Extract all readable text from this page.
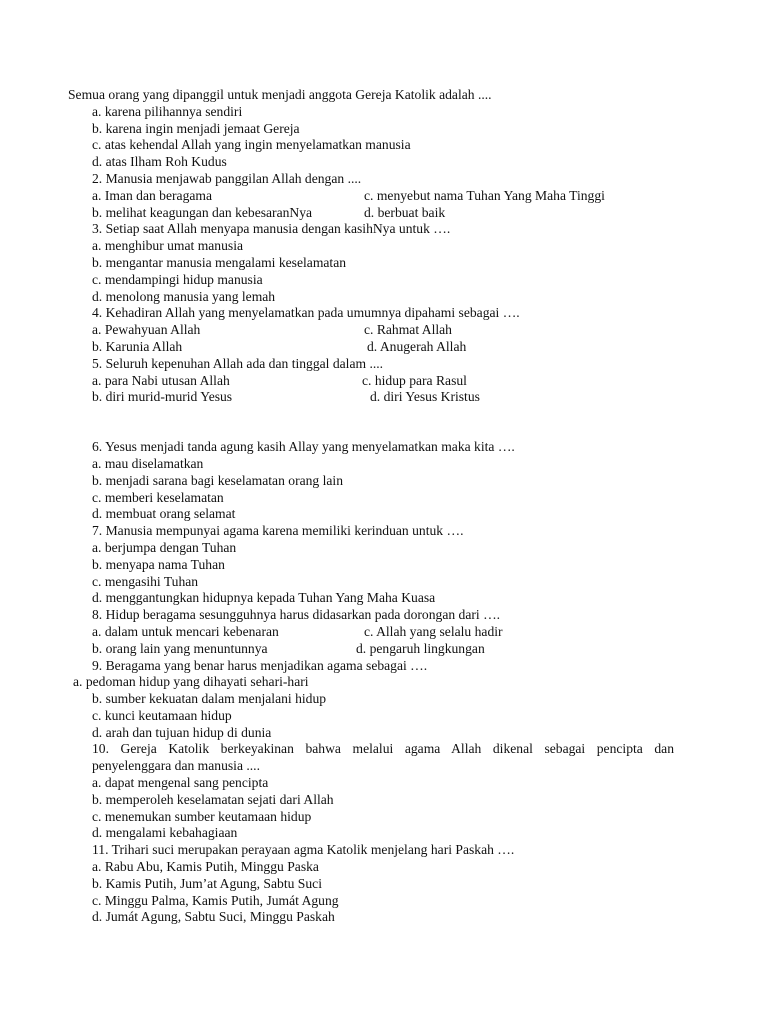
Semua orang yang dipanggil untuk menjadi anggota Gereja Katolik adalah ....
a. karena pilihannya sendiri
b. karena ingin menjadi jemaat Gereja
c. atas kehendal Allah yang ingin menyelamatkan manusia
d. atas Ilham Roh Kudus
2. Manusia menjawab panggilan Allah dengan ....
a. Iman dan beragama	c. menyebut nama Tuhan Yang Maha Tinggi
b. melihat keagungan dan kebesaranNya	d. berbuat baik
3. Setiap saat Allah menyapa manusia dengan kasihNya untuk ….
a. menghibur umat manusia
b. mengantar manusia mengalami keselamatan
c. mendampingi hidup manusia
d. menolong manusia yang lemah
4. Kehadiran Allah yang menyelamatkan pada umumnya dipahami sebagai ….
a. Pewahyuan Allah	c. Rahmat Allah
b. Karunia Allah	d. Anugerah Allah
5. Seluruh kepenuhan Allah ada dan tinggal dalam ....
a. para Nabi utusan Allah	c. hidup para Rasul
b. diri murid-murid Yesus	d. diri Yesus Kristus
6. Yesus menjadi tanda agung kasih Allay yang menyelamatkan maka kita ….
a. mau diselamatkan
b. menjadi sarana bagi keselamatan orang lain
c. memberi keselamatan
d. membuat orang selamat
7. Manusia mempunyai agama karena memiliki kerinduan untuk ….
a. berjumpa dengan Tuhan
b. menyapa nama Tuhan
c. mengasihi Tuhan
d. menggantungkan hidupnya kepada Tuhan Yang Maha Kuasa
8. Hidup beragama sesungguhnya harus didasarkan pada dorongan dari ….
a. dalam untuk mencari kebenaran	c. Allah yang selalu hadir
b. orang lain yang menuntunnya	d. pengaruh lingkungan
9. Beragama yang benar harus menjadikan agama sebagai ….
a. pedoman hidup yang dihayati sehari-hari
b. sumber kekuatan dalam menjalani hidup
c. kunci keutamaan hidup
d. arah dan tujuan hidup di dunia
10. Gereja Katolik berkeyakinan bahwa melalui agama Allah dikenal sebagai pencipta dan
penyelenggara dan manusia ....
a. dapat mengenal sang pencipta
b. memperoleh keselamatan sejati dari Allah
c. menemukan sumber keutamaan hidup
d. mengalami kebahagiaan
11. Trihari suci merupakan perayaan agma Katolik menjelang hari Paskah ….
a. Rabu Abu, Kamis Putih, Minggu Paska
b. Kamis Putih, Jum’at Agung, Sabtu Suci
c. Minggu Palma, Kamis Putih, Jumát Agung
d. Jumát Agung, Sabtu Suci, Minggu Paskah
